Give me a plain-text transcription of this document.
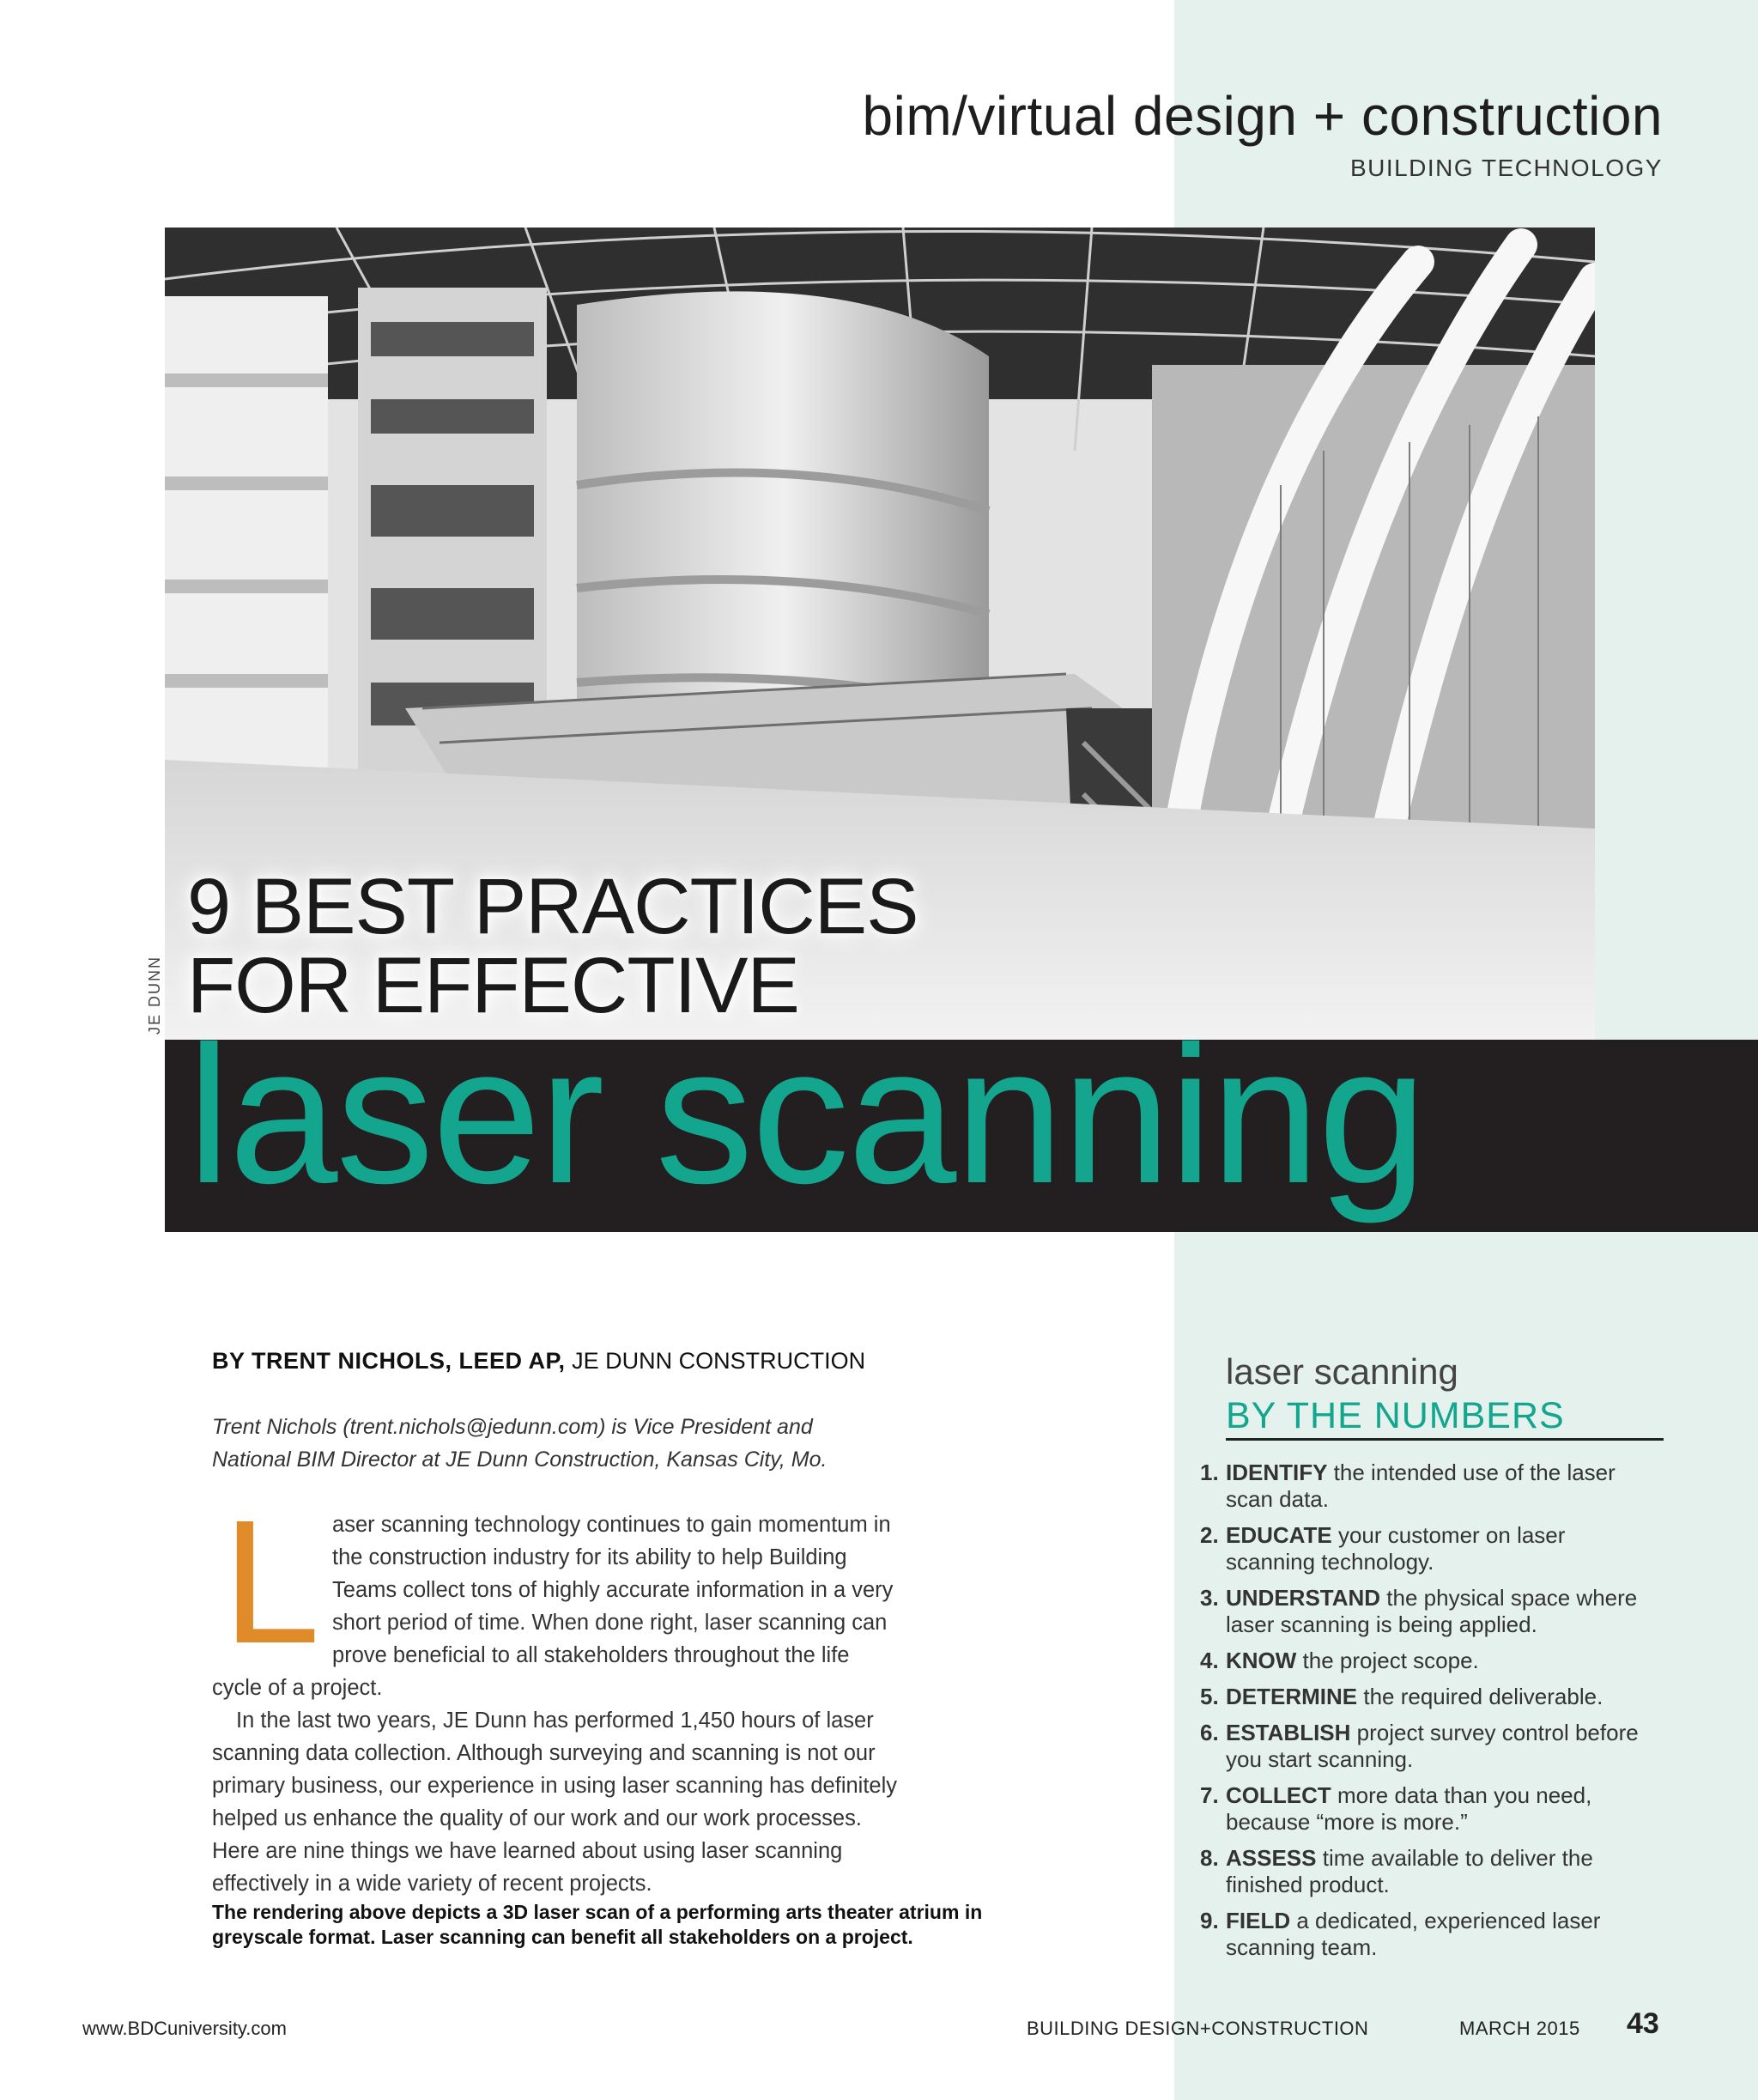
bim/virtual design + construction
BUILDING TECHNOLOGY
JE DUNN
9 BEST PRACTICES
FOR EFFECTIVE
laser scanning
BY TRENT NICHOLS, LEED AP, JE DUNN CONSTRUCTION
Trent Nichols (trent.nichols@jedunn.com) is Vice President and
National BIM Director at JE Dunn Construction, Kansas City, Mo.

Laser scanning technology continues to gain momentum in the construction industry for its ability to help Building Teams collect tons of highly accurate information in a very short period of time. When done right, laser scanning can prove beneficial to all stakeholders throughout the life cycle of a project.

In the last two years, JE Dunn has performed 1,450 hours of laser scanning data collection. Although surveying and scanning is not our primary business, our experience in using laser scanning has definitely helped us enhance the quality of our work and our work processes. Here are nine things we have learned about using laser scanning effectively in a wide variety of recent projects.

The rendering above depicts a 3D laser scan of a performing arts theater atrium in greyscale format. Laser scanning can benefit all stakeholders on a project.
laser scanning
BY THE NUMBERS
1. IDENTIFY the intended use of the laser scan data.
2. EDUCATE your customer on laser scanning technology.
3. UNDERSTAND the physical space where laser scanning is being applied.
4. KNOW the project scope.
5. DETERMINE the required deliverable.
6. ESTABLISH project survey control before you start scanning.
7. COLLECT more data than you need, because “more is more.”
8. ASSESS time available to deliver the finished product.
9. FIELD a dedicated, experienced laser scanning team.
www.BDCuniversity.com	BUILDING DESIGN+CONSTRUCTION	MARCH 2015 43
